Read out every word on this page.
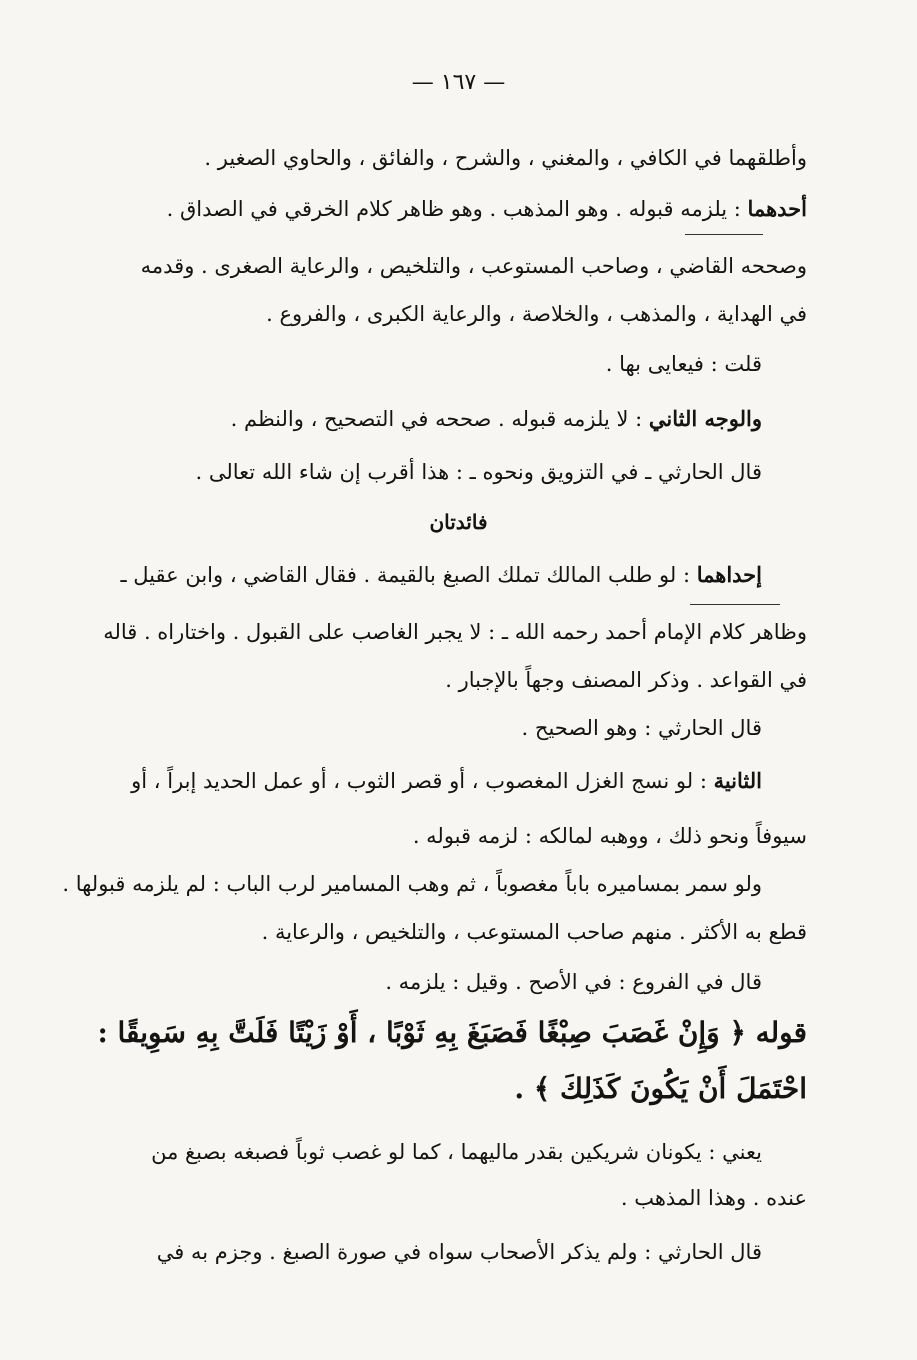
— ١٦٧ —
وأطلقهما في الكافي ، والمغني ، والشرح ، والفائق ، والحاوي الصغير .
أحدهما : يلزمه قبوله . وهو المذهب . وهو ظاهر كلام الخرقي في الصداق .
وصححه القاضي ، وصاحب المستوعب ، والتلخيص ، والرعاية الصغرى . وقدمه
في الهداية ، والمذهب ، والخلاصة ، والرعاية الكبرى ، والفروع .
قلت : فيعايى بها .
والوجه الثاني : لا يلزمه قبوله . صححه في التصحيح ، والنظم .
قال الحارثي ـ في التزويق ونحوه ـ : هذا أقرب إن شاء الله تعالى .
إحداهما : لو طلب المالك تملك الصبغ بالقيمة . فقال القاضي ، وابن عقيل ـ
وظاهر كلام الإمام أحمد رحمه الله ـ : لا يجبر الغاصب على القبول . واختاراه . قاله
في القواعد . وذكر المصنف وجهاً بالإجبار .
قال الحارثي : وهو الصحيح .
الثانية : لو نسج الغزل المغصوب ، أو قصر الثوب ، أو عمل الحديد إبراً ، أو
سيوفاً ونحو ذلك ، ووهبه لمالكه : لزمه قبوله .
ولو سمر بمساميره باباً مغصوباً ، ثم وهب المسامير لرب الباب : لم يلزمه قبولها .
قطع به الأكثر . منهم صاحب المستوعب ، والتلخيص ، والرعاية .
قال في الفروع : في الأصح . وقيل : يلزمه .
قوله ﴿ وَإِنْ غَصَبَ صِبْغًا فَصَبَغَ بِهِ ثَوْبًا ، أَوْ زَيْتًا فَلَتَّ بِهِ سَوِيقًا :
احْتَمَلَ أَنْ يَكُونَ كَذَلِكَ ﴾ .
يعني : يكونان شريكين بقدر ماليهما ، كما لو غصب ثوباً فصبغه بصبغ من
عنده . وهذا المذهب .
قال الحارثي : ولم يذكر الأصحاب سواه في صورة الصبغ . وجزم به في
فائدتان
